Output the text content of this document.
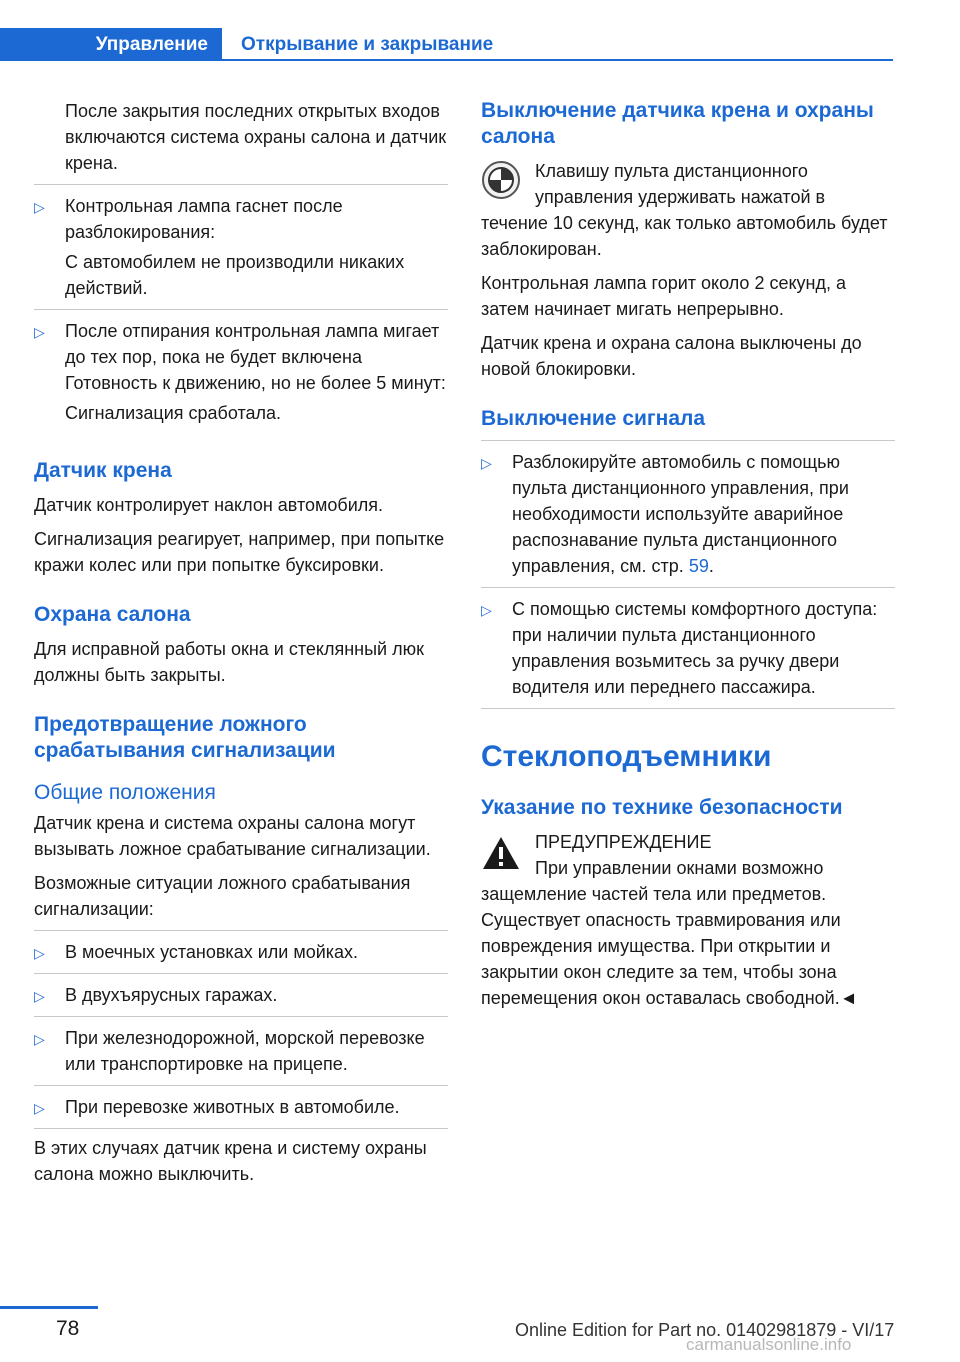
Управление	Открывание и закрывание

После закрытия последних открытых входов включаются система охраны салона и датчик крена.

▷ Контрольная лампа гаснет после разблокирования:
С автомобилем не производили никаких действий.
▷ После отпирания контрольная лампа мигает до тех пор, пока не будет включена Готовность к движению, но не более 5 минут:
Сигнализация сработала.
Датчик крена

Датчик контролирует наклон автомобиля.

Сигнализация реагирует, например, при попытке кражи колес или при попытке буксировки.

Охрана салона

Для исправной работы окна и стеклянный люк должны быть закрыты.

Предотвращение ложного срабатывания сигнализации
Общие положения

Датчик крена и система охраны салона могут вызывать ложное срабатывание сигнализации.

Возможные ситуации ложного срабатывания сигнализации:

▷ В моечных установках или мойках.
▷ В двухъярусных гаражах.
▷ При железнодорожной, морской перевозке или транспортировке на прицепе.
▷ При перевозке животных в автомобиле.

В этих случаях датчик крена и систему охраны салона можно выключить.

Выключение датчика крена и охраны салона

Клавишу пульта дистанционного управления удерживать нажатой в течение 10 секунд, как только автомобиль будет заблокирован.

Контрольная лампа горит около 2 секунд, а затем начинает мигать непрерывно.

Датчик крена и охрана салона выключены до новой блокировки.

Выключение сигнала
▷ Разблокируйте автомобиль с помощью пульта дистанционного управления, при необходимости используйте аварийное распознавание пульта дистанционного управления, см. стр. 59.
▷ С помощью системы комфортного доступа: при наличии пульта дистанционного управления возьмитесь за ручку двери водителя или переднего пассажира.
Стеклоподъемники
Указание по технике безопасности

ПРЕДУПРЕЖДЕНИЕ

При управлении окнами возможно защемление частей тела или предметов. Существует опасность травмирования или повреждения имущества. При открытии и закрытии окон следите за тем, чтобы зона перемещения окон оставалась свободной.◄

78	Online Edition for Part no. 01402981879 - VI/17
carmanualsonline.info
